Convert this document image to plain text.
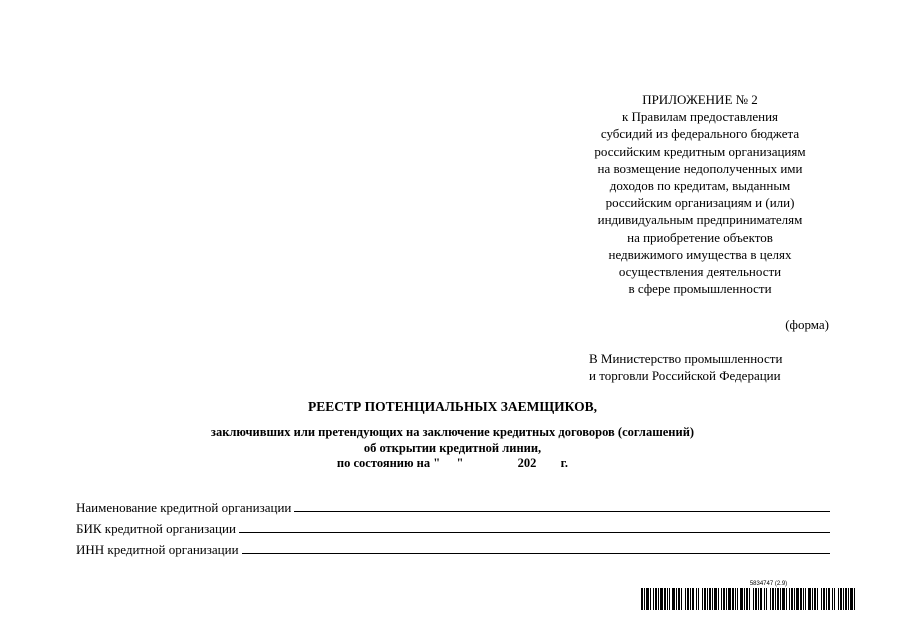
ПРИЛОЖЕНИЕ № 2
к Правилам предоставления
субсидий из федерального бюджета
российским кредитным организациям
на возмещение недополученных ими
доходов по кредитам, выданным
российским организациям и (или)
индивидуальным предпринимателям
на приобретение объектов
недвижимого имущества в целях
осуществления деятельности
в сфере промышленности
(форма)
В Министерство промышленности
и торговли Российской Федерации
РЕЕСТР ПОТЕНЦИАЛЬНЫХ ЗАЕМЩИКОВ,
заключивших или претендующих на заключение кредитных договоров (соглашений)
об открытии кредитной линии,
по состоянию на " "	202 г.
Наименование кредитной организации
БИК кредитной организации
ИНН кредитной организации
5834747 (2.9)
